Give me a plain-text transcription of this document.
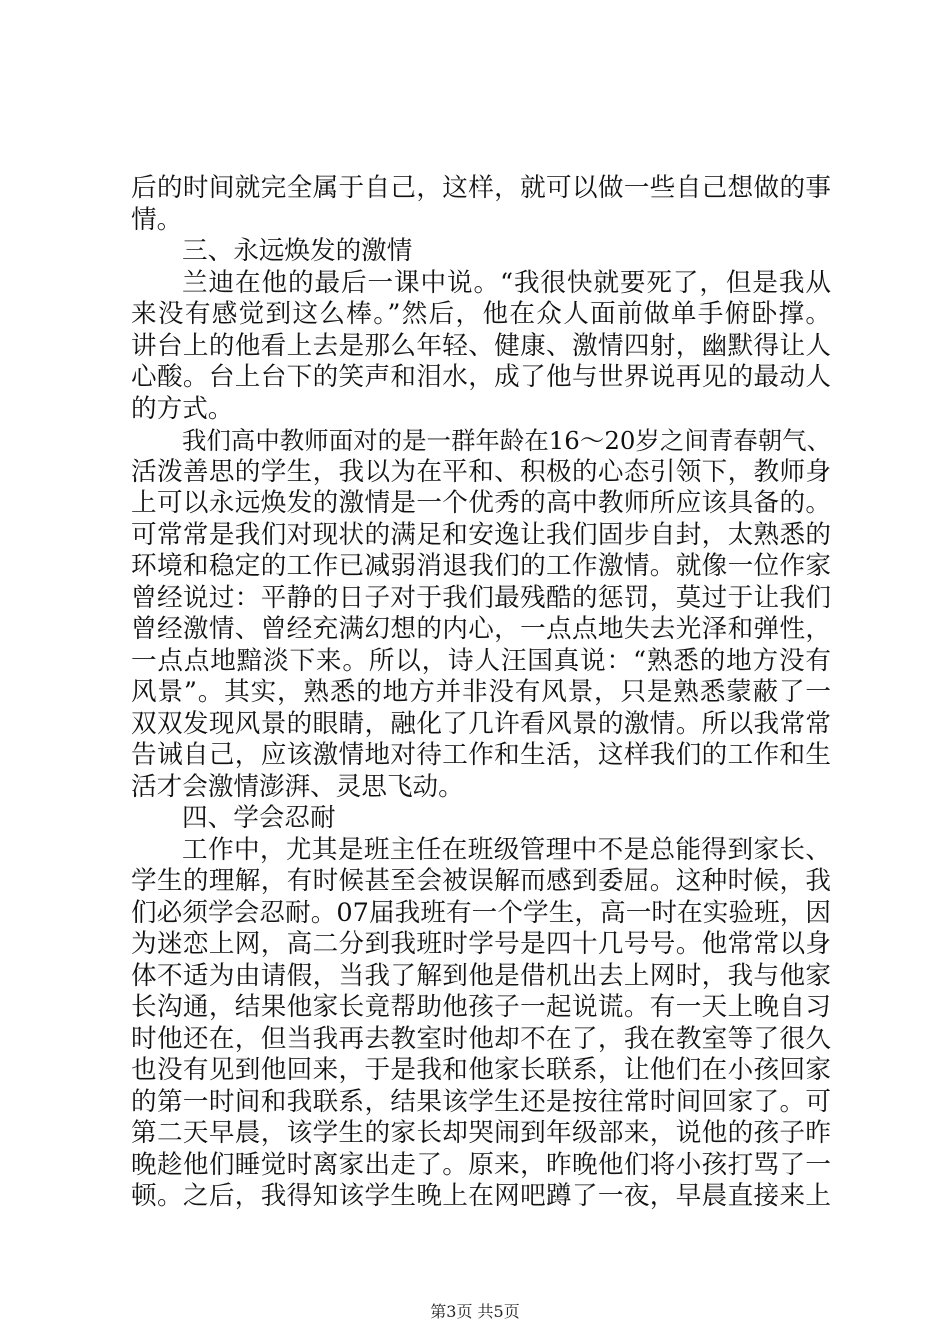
后的时间就完全属于自己，这样，就可以做一些自己想做的事
情。
三、永远焕发的激情
兰迪在他的最后一课中说。“我很快就要死了，但是我从
来没有感觉到这么棒。”然后，他在众人面前做单手俯卧撑。
讲台上的他看上去是那么年轻、健康、激情四射，幽默得让人
心酸。台上台下的笑声和泪水，成了他与世界说再见的最动人
的方式。
我们高中教师面对的是一群年龄在16～20岁之间青春朝气、
活泼善思的学生，我以为在平和、积极的心态引领下，教师身
上可以永远焕发的激情是一个优秀的高中教师所应该具备的。
可常常是我们对现状的满足和安逸让我们固步自封，太熟悉的
环境和稳定的工作已减弱消退我们的工作激情。就像一位作家
曾经说过：平静的日子对于我们最残酷的惩罚，莫过于让我们
曾经激情、曾经充满幻想的内心，一点点地失去光泽和弹性，
一点点地黯淡下来。所以，诗人汪国真说：“熟悉的地方没有
风景”。其实，熟悉的地方并非没有风景，只是熟悉蒙蔽了一
双双发现风景的眼睛，融化了几许看风景的激情。所以我常常
告诫自己，应该激情地对待工作和生活，这样我们的工作和生
活才会激情澎湃、灵思飞动。
四、学会忍耐
工作中，尤其是班主任在班级管理中不是总能得到家长、
学生的理解，有时候甚至会被误解而感到委屈。这种时候，我
们必须学会忍耐。07届我班有一个学生，高一时在实验班，因
为迷恋上网，高二分到我班时学号是四十几号号。他常常以身
体不适为由请假，当我了解到他是借机出去上网时，我与他家
长沟通，结果他家长竟帮助他孩子一起说谎。有一天上晚自习
时他还在，但当我再去教室时他却不在了，我在教室等了很久
也没有见到他回来，于是我和他家长联系，让他们在小孩回家
的第一时间和我联系，结果该学生还是按往常时间回家了。可
第二天早晨，该学生的家长却哭闹到年级部来，说他的孩子昨
晚趁他们睡觉时离家出走了。原来，昨晚他们将小孩打骂了一
顿。之后，我得知该学生晚上在网吧蹲了一夜，早晨直接来上
第3页 共5页
